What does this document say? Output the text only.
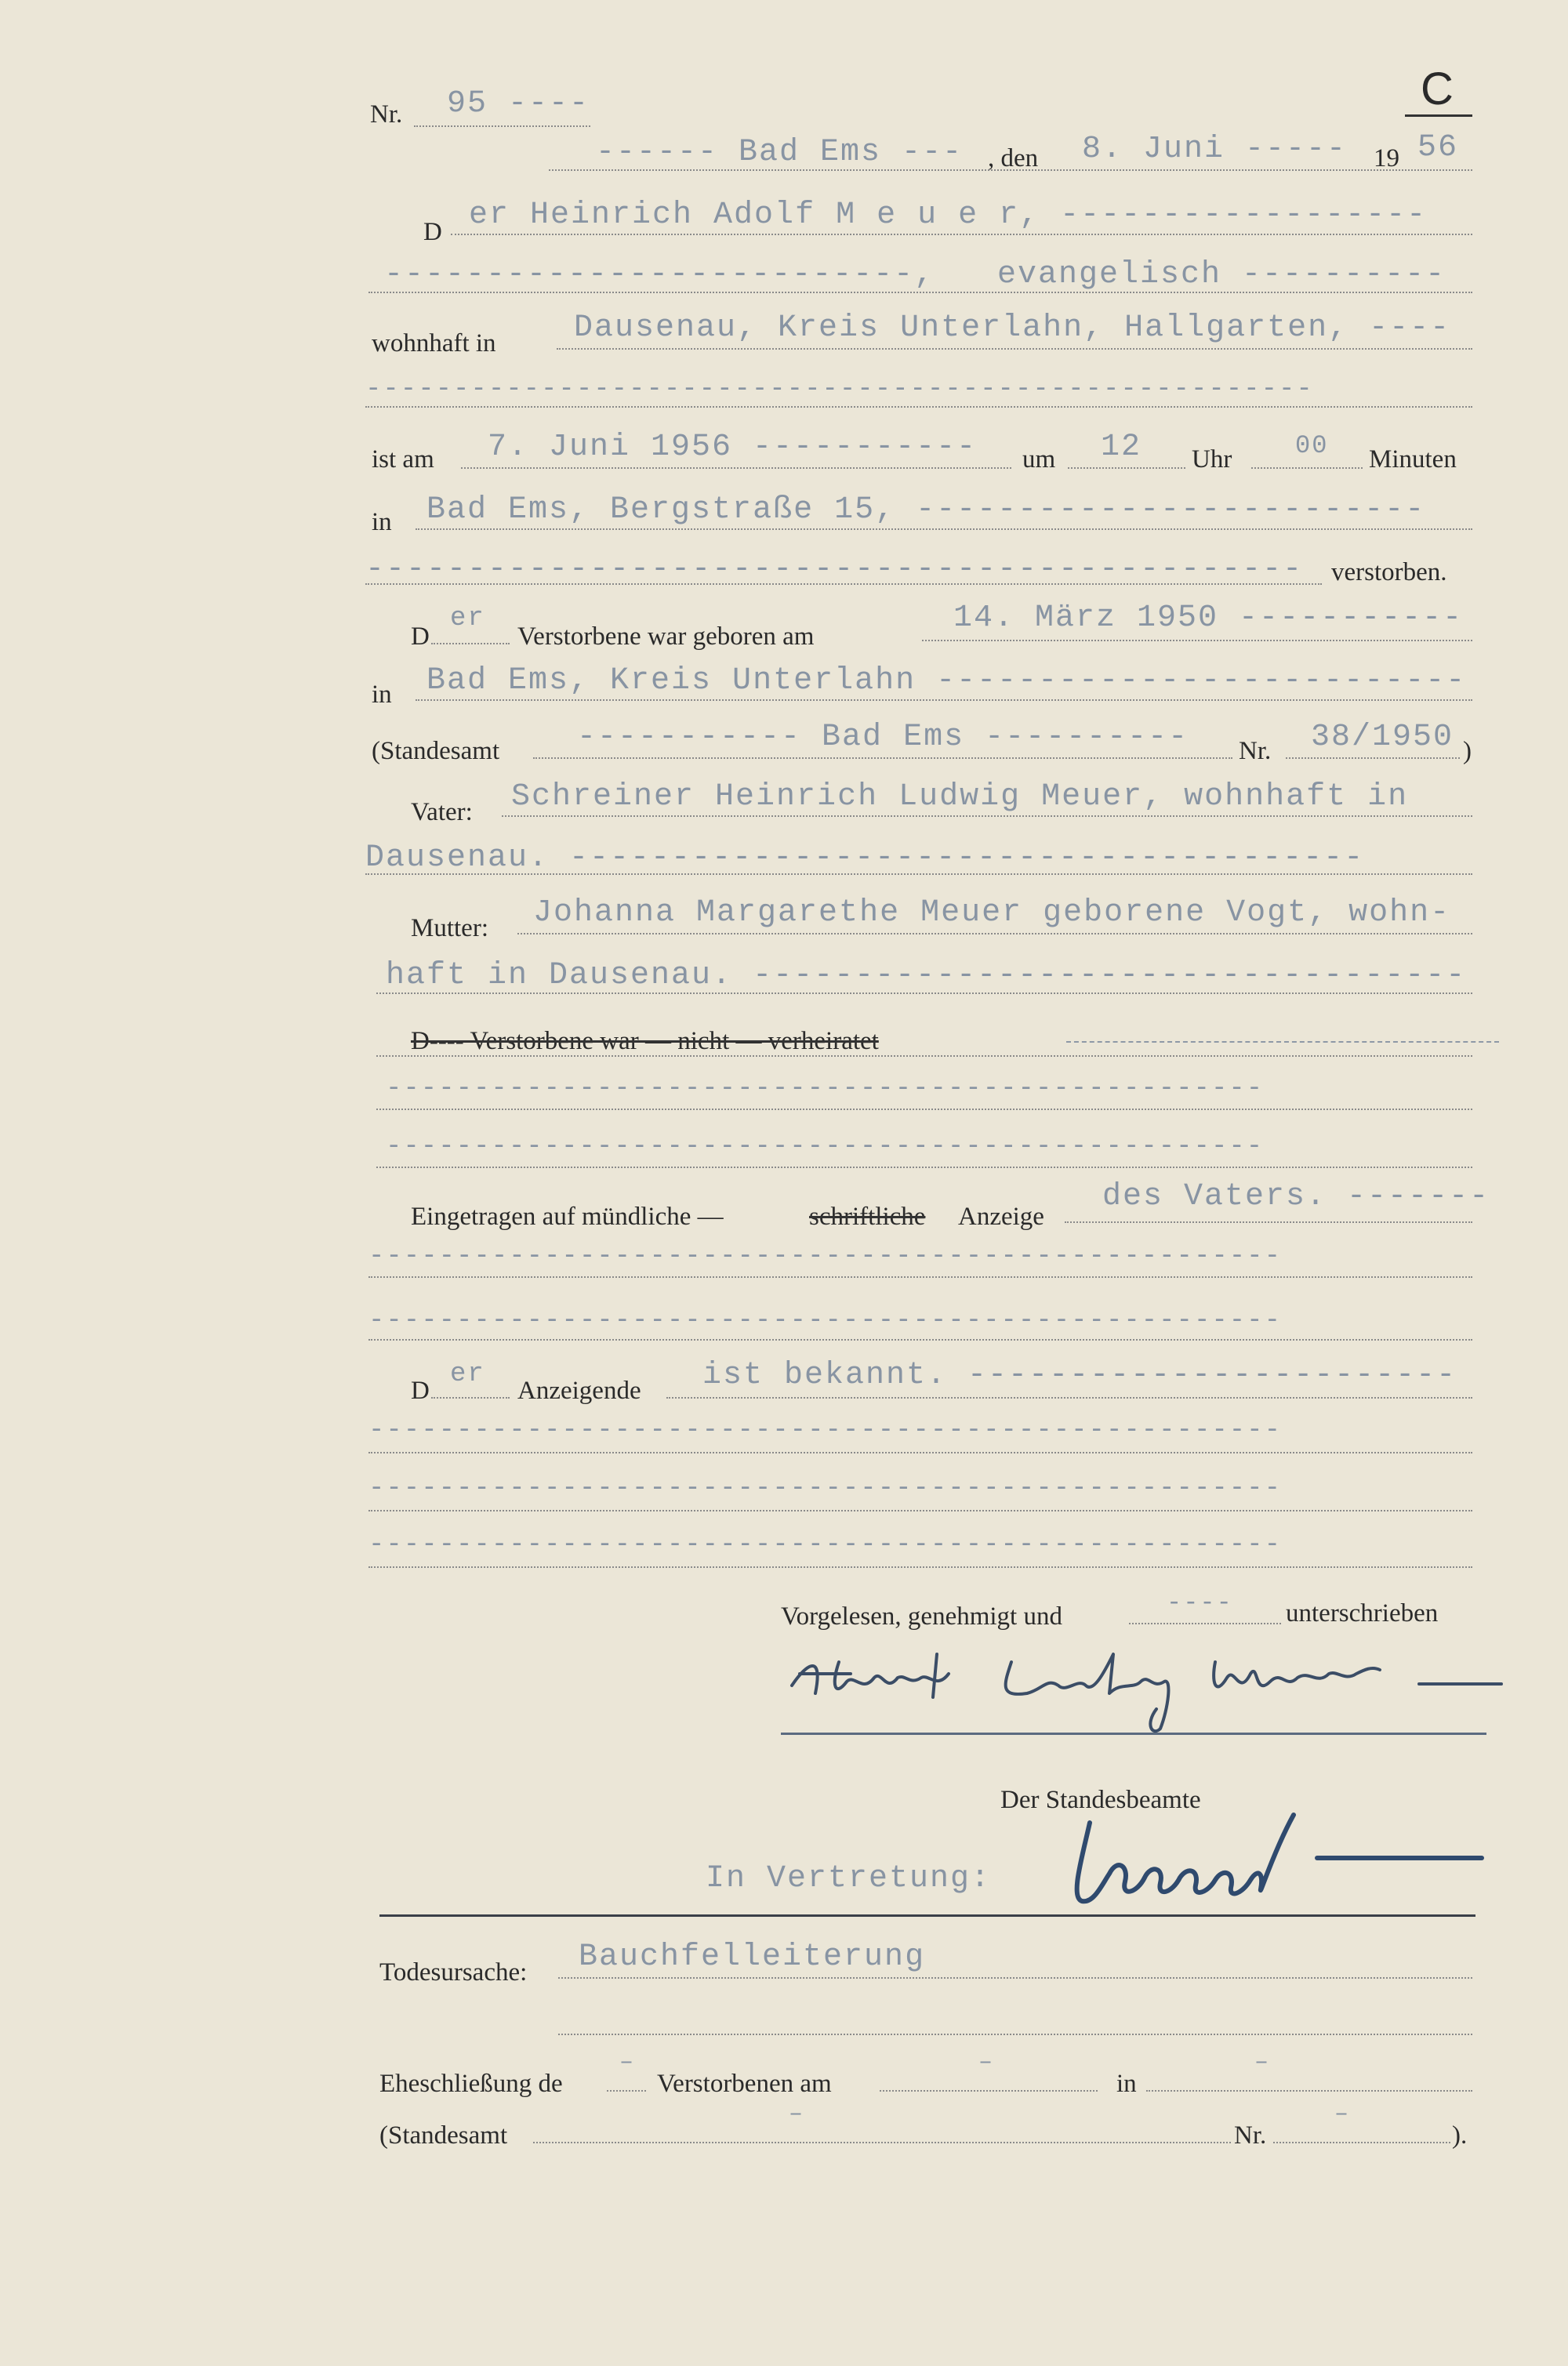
Nr. 95 ----	C
------ Bad Ems --- , den 8. Juni ----- 19 56
D er Heinrich Adolf M e u e r, ------------------
--------------------------, evangelisch ----------
wohnhaft in Dausenau, Kreis Unterlahn, Hallgarten, ----
------------------------------------------------------
ist am 7. Juni 1956 ----------- um 12 Uhr	00 Minuten
in Bad Ems, Bergstraße 15, -------------------------
---------------------------------------------- verstorben.
D
er
Verstorbene war geboren am
14. März 1950 -----------
in Bad Ems, Kreis Unterlahn --------------------------
(Standesamt ----------- Bad Ems ---------- Nr. 38/1950 )
Vater: Schreiner Heinrich Ludwig Meuer, wohnhaft in
Dausenau. ---------------------------------------
Mutter: Johanna Margarethe Meuer geborene Vogt, wohn-
haft in Dausenau. -----------------------------------
D---- Verstorbene war — nicht — verheiratet
--------------------------------------------------
--------------------------------------------------
Eingetragen auf mündliche —	schriftliche Anzeige
des Vaters. -------
----------------------------------------------------
----------------------------------------------------
D
er
Anzeigende ist bekannt. ------------------------
----------------------------------------------------
----------------------------------------------------
----------------------------------------------------
Vorgelesen, genehmigt und	---- unterschrieben
Der Standesbeamte
In Vertretung:
Todesursache: Bauchfelleiterung
Eheschließung de
–
Verstorbenen am
–
in
–
(Standesamt
–
Nr.
–
).
